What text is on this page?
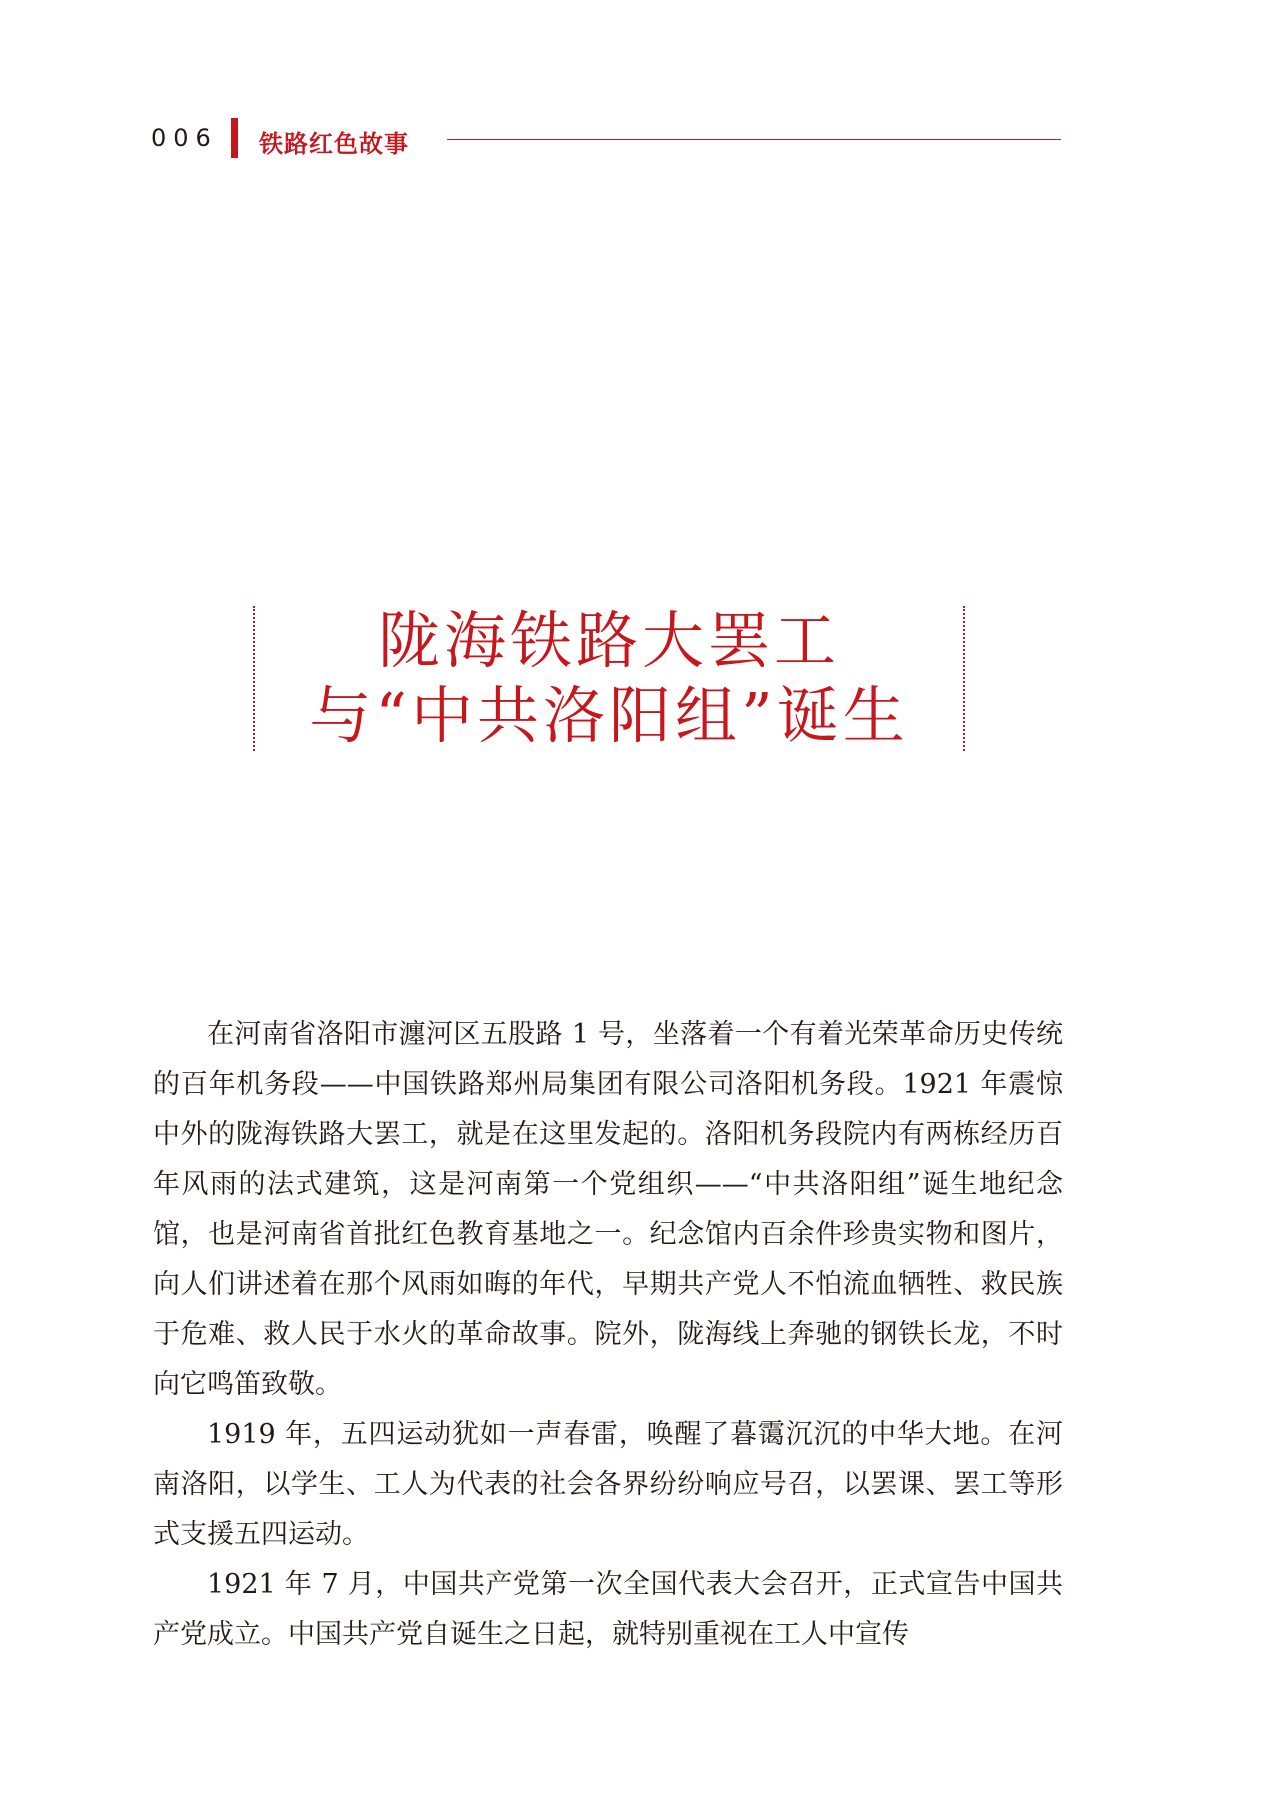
006 铁路红色故事
陇海铁路大罢工
与“中共洛阳组”诞生

在河南省洛阳市瀍河区五股路 1 号，坐落着一个有着光荣革命历史传统的百年机务段——中国铁路郑州局集团有限公司洛阳机务段。1921 年震惊中外的陇海铁路大罢工，就是在这里发起的。洛阳机务段院内有两栋经历百年风雨的法式建筑，这是河南第一个党组织——“中共洛阳组”诞生地纪念馆，也是河南省首批红色教育基地之一。纪念馆内百余件珍贵实物和图片，向人们讲述着在那个风雨如晦的年代，早期共产党人不怕流血牺牲、救民族于危难、救人民于水火的革命故事。院外，陇海线上奔驰的钢铁长龙，不时向它鸣笛致敬。

1919 年，五四运动犹如一声春雷，唤醒了暮霭沉沉的中华大地。在河南洛阳，以学生、工人为代表的社会各界纷纷响应号召，以罢课、罢工等形式支援五四运动。

1921 年 7 月，中国共产党第一次全国代表大会召开，正式宣告中国共产党成立。中国共产党自诞生之日起，就特别重视在工人中宣传
